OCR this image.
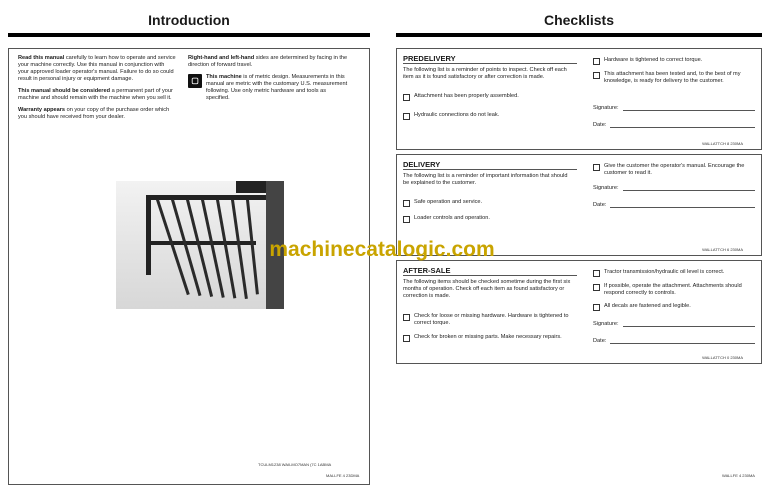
Introduction

Read this manual carefully to learn how to operate and service your machine correctly. Use this manual in conjunction with your approved loader operator's manual. Failure to do so could result in personal injury or equipment damage.

This manual should be considered a permanent part of your machine and should remain with the machine when you sell it.

Warranty appears on your copy of the purchase order which you should have received from your dealer.

Right-hand and left-hand sides are determined by facing in the direction of forward travel.

▢	This machine is of metric design. Measurements in this manual are metric with the customary U.S. measurement following. Use only metric hardware and tools as specified.
TCULM1238 WAILMO7MAN (7C 1ABMA
MALLFE 4 23DMA
Checklists
PREDELIVERY
The following list is a reminder of points to inspect. Check off each item as it is found satisfactory or after correction is made.
Attachment has been properly assembled.
Hydraulic connections do not leak.
Hardware is tightened to correct torque.
This attachment has been tested and, to the best of my knowledge, is ready for delivery to the customer.
Signature:
Date:
WALLATTCH 8 230MA
DELIVERY
The following list is a reminder of important information that should be explained to the customer.
Safe operation and service.
Loader controls and operation.
Give the customer the operator's manual. Encourage the customer to read it.
Signature:
Date:
WALLATTCH 6 230MA
AFTER-SALE
The following items should be checked sometime during the first six months of operation. Check off each item as found satisfactory or correction is made.
Check for loose or missing hardware. Hardware is tightened to correct torque.
Check for broken or missing parts. Make necessary repairs.
Tractor transmission/hydraulic oil level is correct.
If possible, operate the attachment. Attachments should respond correctly to controls.
All decals are fastened and legible.
Signature:
Date:
WALLATTCH 0 230MA
WALLFE 4 230MA
machinecatalogic.com
